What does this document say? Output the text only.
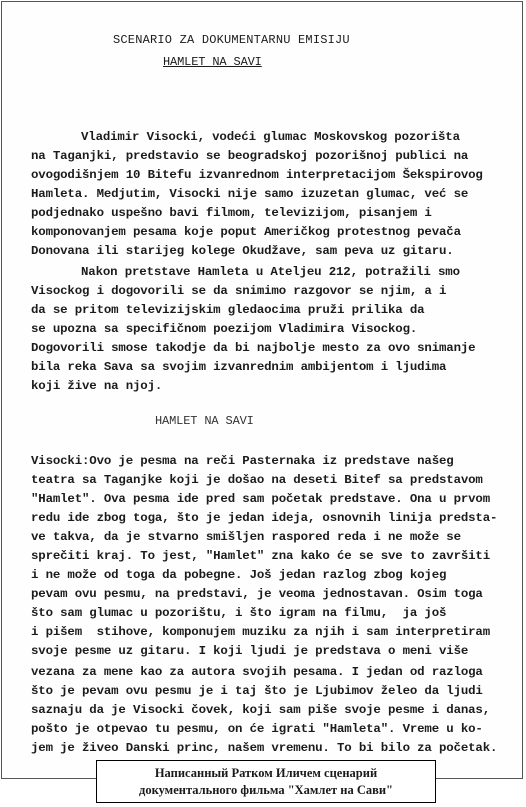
SCENARIO ZA DOKUMENTARNU EMISIJU
HAMLET NA SAVI
Vladimir Visocki, vodeći glumac Moskovskog pozorišta
na Taganjki, predstavio se beogradskoj pozorišnoj publici na
ovogodišnjem 10 Bitefu izvanrednom interpretacijom Šekspirovog
Hamleta. Medjutim, Visocki nije samo izuzetan glumac, već se
podjednako uspešno bavi filmom, televizijom, pisanjem i
komponovanjem pesama koje poput Američkog protestnog pevača
Donovana ili starijeg kolege Okudžave, sam peva uz gitaru.
Nakon pretstave Hamleta u Ateljeu 212, potražili smo
Visockog i dogovorili se da snimimo razgovor se njim, a i
da se pritom televizijskim gledaocima pruži prilika da
se upozna sa specifičnom poezijom Vladimira Visockog.
Dogovorili smose takodje da bi najbolje mesto za ovo snimanje
bila reka Sava sa svojim izvanrednim ambijentom i ljudima
koji žive na njoj.
HAMLET NA SAVI
Visocki:Ovo je pesma na reči Pasternaka iz predstave našeg
teatra sa Taganjke koji je došao na deseti Bitef sa predstavom
"Hamlet". Ova pesma ide pred sam početak predstave. Ona u prvom
redu ide zbog toga, što je jedan ideja, osnovnih linija predsta-
ve takva, da je stvarno smišljen raspored reda i ne može se
sprečiti kraj. To jest, "Hamlet" zna kako će se sve to završiti
i ne može od toga da pobegne. Još jedan razlog zbog kojeg
pevam ovu pesmu, na predstavi, je veoma jednostavan. Osim toga
što sam glumac u pozorištu, i što igram na filmu,  ja još
i pišem  stihove, komponujem muziku za njih i sam interpretiram
svoje pesme uz gitaru. I koji ljudi je predstava o meni više
vezana za mene kao za autora svojih pesama. I jedan od razloga
što je pevam ovu pesmu je i taj što je Ljubimov želeo da ljudi
saznaju da je Visocki čovek, koji sam piše svoje pesme i danas,
pošto je otpevao tu pesmu, on će igrati "Hamleta". Vreme u ko-
jem je živeo Danski princ, našem vremenu. To bi bilo za početak.
Написанный Ратком Иличем сценарий
документального фильма "Хамлет на Сави"
